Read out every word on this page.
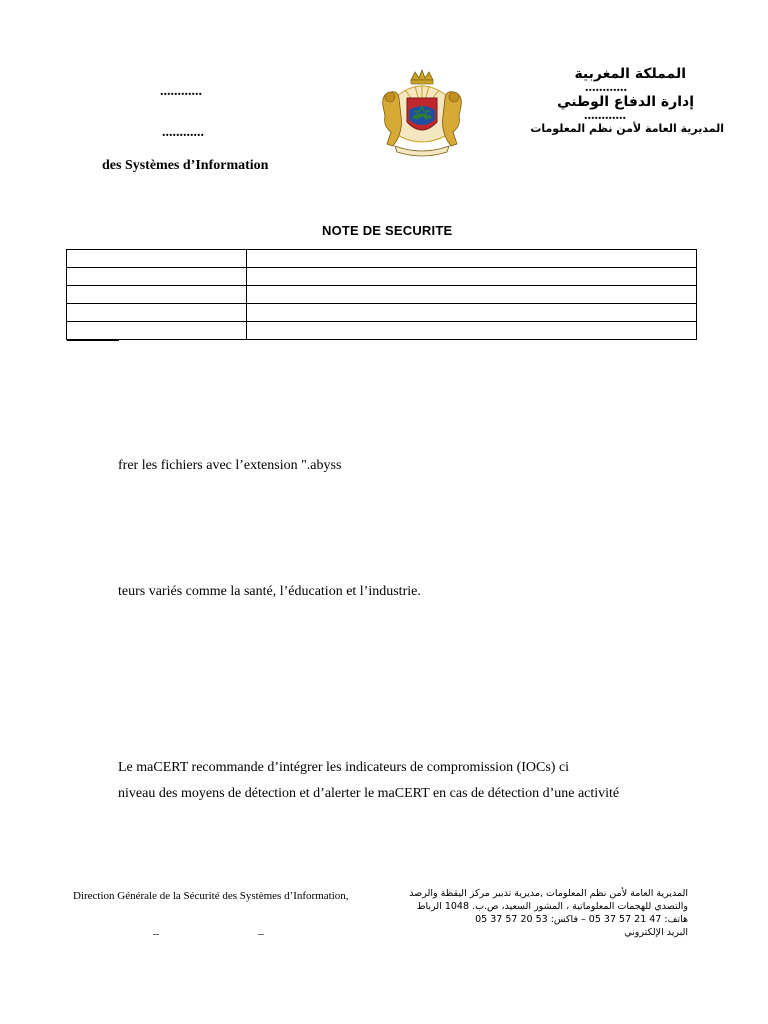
............
............
des Systèmes d’Information
المملكة المغربية
............
إدارة الدفاع الوطني
............
المديرية العامة لأمن نظم المعلومات
NOTE DE SECURITE

frer les fichiers avec l’extension ".abyss
teurs variés comme la santé, l’éducation et l’industrie.
Le maCERT recommande d’intégrer les indicateurs de compromission (IOCs) ci
niveau des moyens de détection et d’alerter le maCERT en cas de détection d’une activité
Direction Générale de la Sécurité des Systèmes d’Information,
–	–
المديرية العامة لأمن نظم المعلومات ,مديرية تدبير مركز اليقظة والرصد
والتصدي للهجمات المعلوماتية ، المشور السعيد، ص.ب. 1048 الرباط
هاتف: 47 21 57 37 05 – فاكس: 53 20 57 37 05
البريد الإلكتروني
